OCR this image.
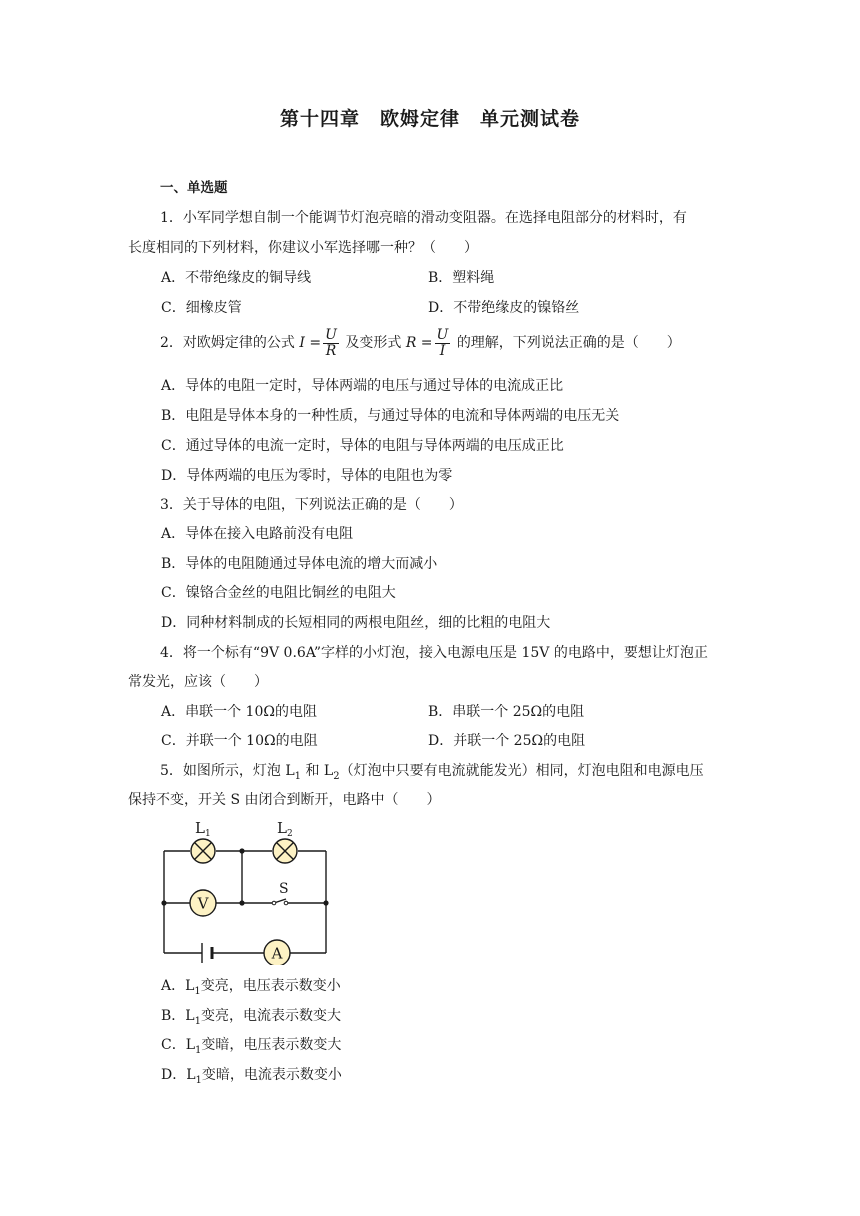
第十四章　欧姆定律　单元测试卷
一、单选题
1．小军同学想自制一个能调节灯泡亮暗的滑动变阻器。在选择电阻部分的材料时，有
长度相同的下列材料，你建议小军选择哪一种？（　　）
A．不带绝缘皮的铜导线	B．塑料绳
C．细橡皮管	D．不带绝缘皮的镍铬丝
2．对欧姆定律的公式 $I = \frac{U}{R}$ 及变形式 $R = \frac{U}{I}$ 的理解，下列说法正确的是（　　）
A．导体的电阻一定时，导体两端的电压与通过导体的电流成正比
B．电阻是导体本身的一种性质，与通过导体的电流和导体两端的电压无关
C．通过导体的电流一定时，导体的电阻与导体两端的电压成正比
D．导体两端的电压为零时，导体的电阻也为零
3．关于导体的电阻，下列说法正确的是（　　）
A．导体在接入电路前没有电阻
B．导体的电阻随通过导体电流的增大而减小
C．镍铬合金丝的电阻比铜丝的电阻大
D．同种材料制成的长短相同的两根电阻丝，细的比粗的电阻大
4．将一个标有“9V 0.6A”字样的小灯泡，接入电源电压是 15V 的电路中，要想让灯泡正
常发光，应该（　　）
A．串联一个 10Ω的电阻	B．串联一个 25Ω的电阻
C．并联一个 10Ω的电阻	D．并联一个 25Ω的电阻
5．如图所示，灯泡 $L_1$ 和 $L_2$（灯泡中只要有电流就能发光）相同，灯泡电阻和电源电压
保持不变，开关 S 由闭合到断开，电路中（　　）
V
A
$L_1$	$L_2$
S
A．$L_1$变亮，电压表示数变小
B．$L_1$变亮，电流表示数变大
C．$L_1$变暗，电压表示数变大
D．$L_1$变暗，电流表示数变小
